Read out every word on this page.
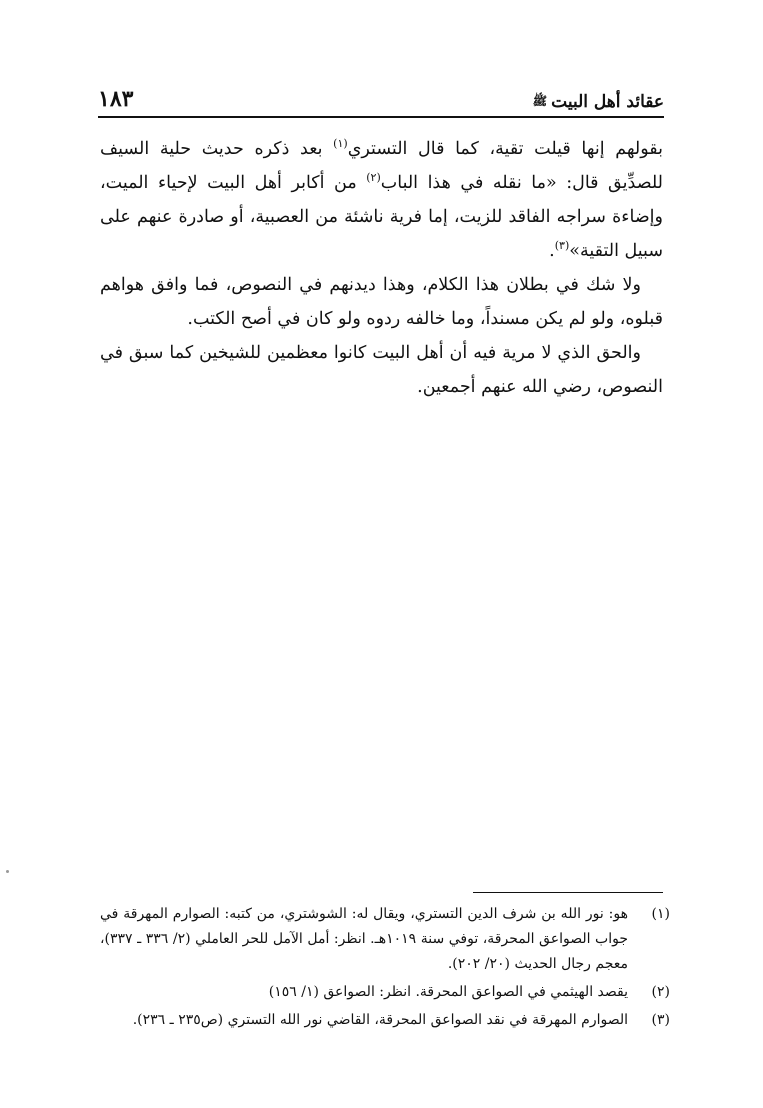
عقائد أهل البيت
ﷺ
١٨٣

بقولهم إنها قيلت تقية، كما قال التستري$^{(١)}$ بعد ذكره حديث حلية السيف للصدِّيق قال: «ما نقله في هذا الباب$^{(٢)}$ من أكابر أهل البيت لإحياء الميت، وإضاءة سراجه الفاقد للزيت، إما فرية ناشئة من العصبية، أو صادرة عنهم على سبيل التقية»$^{(٣)}$.

ولا شك في بطلان هذا الكلام، وهذا ديدنهم في النصوص، فما وافق هواهم قبلوه، ولو لم يكن مسنداً، وما خالفه ردوه ولو كان في أصح الكتب.

والحق الذي لا مرية فيه أن أهل البيت كانوا معظمين للشيخين كما سبق في النصوص، رضي الله عنهم أجمعين.

(١)
هو: نور الله بن شرف الدين التستري، ويقال له: الشوشتري، من كتبه: الصوارم المهرقة في جواب الصواعق المحرقة، توفي سنة ١٠١٩هـ. انظر: أمل الآمل للحر العاملي (٢/ ٣٣٦ ـ ٣٣٧)، معجم رجال الحديث (٢٠/ ٢٠٢).
(٢)
يقصد الهيثمي في الصواعق المحرقة. انظر: الصواعق (١/ ١٥٦)
(٣)
الصوارم المهرقة في نقد الصواعق المحرقة، القاضي نور الله التستري (ص٢٣٥ ـ ٢٣٦).
